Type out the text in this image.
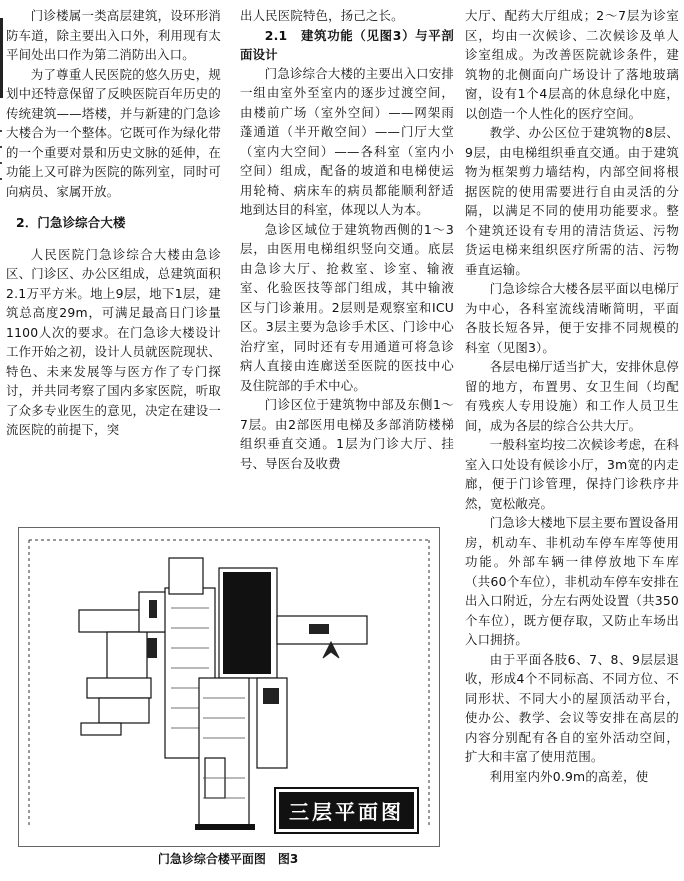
门诊楼属一类高层建筑，设环形消防车道，除主要出入口外，利用现有太平间处出口作为第二消防出入口。

为了尊重人民医院的悠久历史，规划中还特意保留了反映医院百年历史的传统建筑——塔楼，并与新建的门急诊大楼合为一个整体。它既可作为绿化带的一个重要对景和历史文脉的延伸，在功能上又可辟为医院的陈列室，同时可向病员、家属开放。

2．门急诊综合大楼

人民医院门急诊综合大楼由急诊区、门诊区、办公区组成，总建筑面积2.1万平方米。地上9层，地下1层，建筑总高度29m，可满足最高日门诊量1100人次的要求。在门急诊大楼设计工作开始之初，设计人员就医院现状、特色、未来发展等与医方作了专门探讨，并共同考察了国内多家医院，听取了众多专业医生的意见，决定在建设一流医院的前提下，突

出人民医院特色，扬己之长。

2.1　建筑功能（见图3）与平剖面设计

门急诊综合大楼的主要出入口安排一组由室外至室内的逐步过渡空间，由楼前广场（室外空间）——网架雨蓬通道（半开敞空间）——门厅大堂（室内大空间）——各科室（室内小空间）组成，配备的坡道和电梯使运用轮椅、病床车的病员都能顺利舒适地到达目的科室，体现以人为本。

急诊区域位于建筑物西侧的1～3层，由医用电梯组织竖向交通。底层由急诊大厅、抢救室、诊室、输液室、化验医技等部门组成，其中输液区与门诊兼用。2层则是观察室和ICU区。3层主要为急诊手术区、门诊中心治疗室，同时还有专用通道可将急诊病人直接由连廊送至医院的医技中心及住院部的手术中心。

门诊区位于建筑物中部及东侧1～7层。由2部医用电梯及多部消防楼梯组织垂直交通。1层为门诊大厅、挂号、导医台及收费

大厅、配药大厅组成；2～7层为诊室区，均由一次候诊、二次候诊及单人诊室组成。为改善医院就诊条件，建筑物的北侧面向广场设计了落地玻璃窗，设有1个4层高的休息绿化中庭，以创造一个人性化的医疗空间。

教学、办公区位于建筑物的8层、9层，由电梯组织垂直交通。由于建筑物为框架剪力墙结构，内部空间将根据医院的使用需要进行自由灵活的分隔，以满足不同的使用功能要求。整个建筑还设有专用的清洁货运、污物货运电梯来组织医疗所需的洁、污物垂直运输。

门急诊综合大楼各层平面以电梯厅为中心，各科室流线清晰简明，平面各肢长短各异，便于安排不同规模的科室（见图3）。

各层电梯厅适当扩大，安排休息停留的地方，布置男、女卫生间（均配有残疾人专用设施）和工作人员卫生间，成为各层的综合公共大厅。

一般科室均按二次候诊考虑，在科室入口处设有候诊小厅，3m宽的内走廊，便于门诊管理，保持门诊秩序井然，宽松敞亮。

门急诊大楼地下层主要布置设备用房，机动车、非机动车停车库等使用功能。外部车辆一律停放地下车库（共60个车位），非机动车停车安排在出入口附近，分左右两处设置（共350个车位），既方便存取，又防止车场出入口拥挤。

由于平面各肢6、7、8、9层层退收，形成4个不同标高、不同方位、不同形状、不同大小的屋顶活动平台，使办公、教学、会议等安排在高层的内容分别配有各自的室外活动空间，扩大和丰富了使用范围。

利用室内外0.9m的高差，使

三层平面图
门急诊综合楼平面图　图3
